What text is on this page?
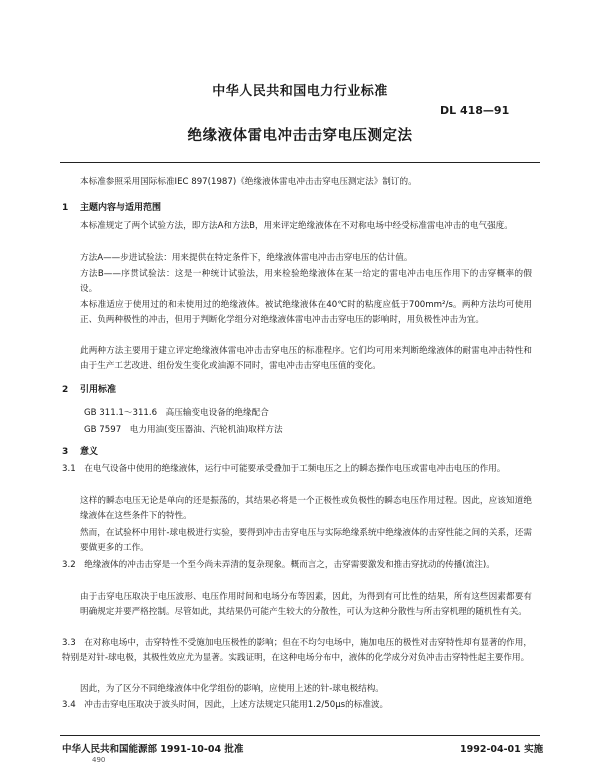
中华人民共和国电力行业标准
DL 418—91
绝缘液体雷电冲击击穿电压测定法
本标准参照采用国际标准IEC 897(1987)《绝缘液体雷电冲击击穿电压测定法》制订的。
1 主题内容与适用范围
本标准规定了两个试验方法，即方法A和方法B，用来评定绝缘液体在不对称电场中经受标准雷电冲击的电气强度。
方法A——步进试验法：用来提供在特定条件下，绝缘液体雷电冲击击穿电压的估计值。
方法B——序贯试验法：这是一种统计试验法，用来检验绝缘液体在某一给定的雷电冲击电压作用下的击穿概率的假设。
本标准适应于使用过的和未使用过的绝缘液体。被试绝缘液体在40℃时的粘度应低于700mm²/s。两种方法均可使用正、负两种极性的冲击，但用于判断化学组分对绝缘液体雷电冲击击穿电压的影响时，用负极性冲击为宜。
此两种方法主要用于建立评定绝缘液体雷电冲击击穿电压的标准程序。它们均可用来判断绝缘液体的耐雷电冲击特性和由于生产工艺改进、组份发生变化或油源不同时，雷电冲击击穿电压值的变化。
2 引用标准
GB 311.1～311.6　高压输变电设备的绝缘配合
GB 7597　电力用油(变压器油、汽轮机油)取样方法
3 意义
3.1　在电气设备中使用的绝缘液体，运行中可能要承受叠加于工频电压之上的瞬态操作电压或雷电冲击电压的作用。
这样的瞬态电压无论是单向的还是振荡的，其结果必将是一个正极性或负极性的瞬态电压作用过程。因此，应该知道绝缘液体在这些条件下的特性。
然而，在试验杯中用针-球电极进行实验，要得到冲击击穿电压与实际绝缘系统中绝缘液体的击穿性能之间的关系，还需要做更多的工作。
3.2　绝缘液体的冲击击穿是一个至今尚未弄清的复杂现象。概而言之，击穿需要激发和推击穿扰动的传播(流注)。
由于击穿电压取决于电压波形、电压作用时间和电场分布等因素，因此，为得到有可比性的结果，所有这些因素都要有明确规定并要严格控制。尽管如此，其结果仍可能产生较大的分散性，可认为这种分散性与所击穿机理的随机性有关。
3.3　在对称电场中，击穿特性不受施加电压极性的影响；但在不均匀电场中，施加电压的极性对击穿特性却有显著的作用，特别是对针-球电极，其极性效应尤为显著。实践证明，在这种电场分布中，液体的化学成分对负冲击击穿特性起主要作用。
因此，为了区分不同绝缘液体中化学组份的影响，应使用上述的针-球电极结构。
3.4　冲击击穿电压取决于波头时间，因此，上述方法规定只能用1.2/50μs的标准波。
中华人民共和国能源部 1991-10-04 批准	1992-04-01 实施
490
